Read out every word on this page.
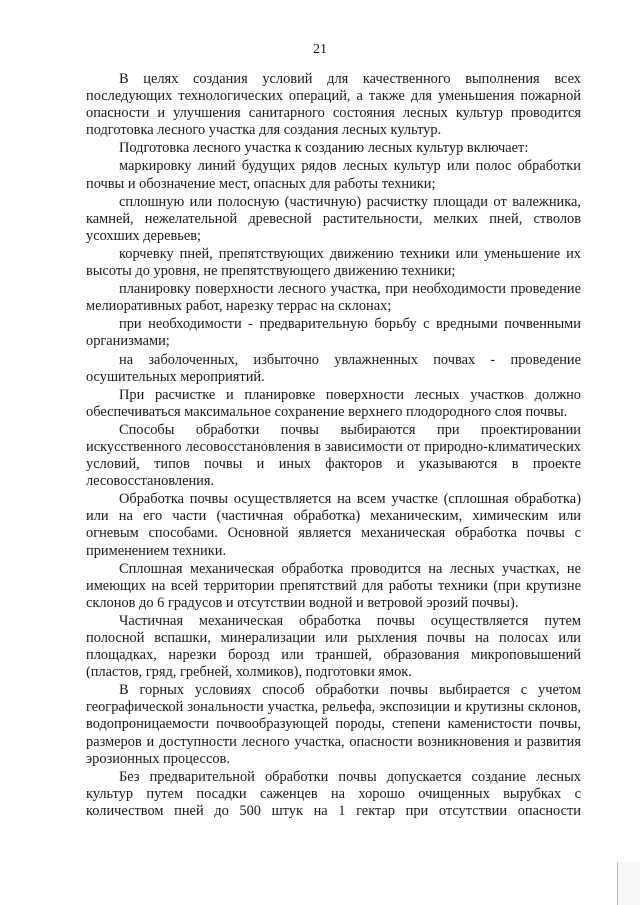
21

В целях создания условий для качественного выполнения всех последующих технологических операций, а также для уменьшения пожарной опасности и улучшения санитарного состояния лесных культур проводится подготовка лесного участка для создания лесных культур.

Подготовка лесного участка к созданию лесных культур включает:

маркировку линий будущих рядов лесных культур или полос обработки почвы и обозначение мест, опасных для работы техники;

сплошную или полосную (частичную) расчистку площади от валежника, камней, нежелательной древесной растительности, мелких пней, стволов усохших деревьев;

корчевку пней, препятствующих движению техники или уменьшение их высоты до уровня, не препятствующего движению техники;

планировку поверхности лесного участка, при необходимости проведение мелиоративных работ, нарезку террас на склонах;

при необходимости - предварительную борьбу с вредными почвенными организмами;

на заболоченных, избыточно увлажненных почвах - проведение осушительных мероприятий.

При расчистке и планировке поверхности лесных участков должно обеспечиваться максимальное сохранение верхнего плодородного слоя почвы.

Способы обработки почвы выбираются при проектировании искусственного лесовосстановления в зависимости от природно-климатических условий, типов почвы и иных факторов и указываются в проекте лесовосстановления.

Обработка почвы осуществляется на всем участке (сплошная обработка) или на его части (частичная обработка) механическим, химическим или огневым способами. Основной является механическая обработка почвы с применением техники.

Сплошная механическая обработка проводится на лесных участках, не имеющих на всей территории препятствий для работы техники (при крутизне склонов до 6 градусов и отсутствии водной и ветровой эрозий почвы).

Частичная механическая обработка почвы осуществляется путем полосной вспашки, минерализации или рыхления почвы на полосах или площадках, нарезки борозд или траншей, образования микроповышений (пластов, гряд, гребней, холмиков), подготовки ямок.

В горных условиях способ обработки почвы выбирается с учетом географической зональности участка, рельефа, экспозиции и крутизны склонов, водопроницаемости почвообразующей породы, степени каменистости почвы, размеров и доступности лесного участка, опасности возникновения и развития эрозионных процессов.

Без предварительной обработки почвы допускается создание лесных культур путем посадки саженцев на хорошо очищенных вырубках с количеством пней до 500 штук на 1 гектар при отсутствии опасности
